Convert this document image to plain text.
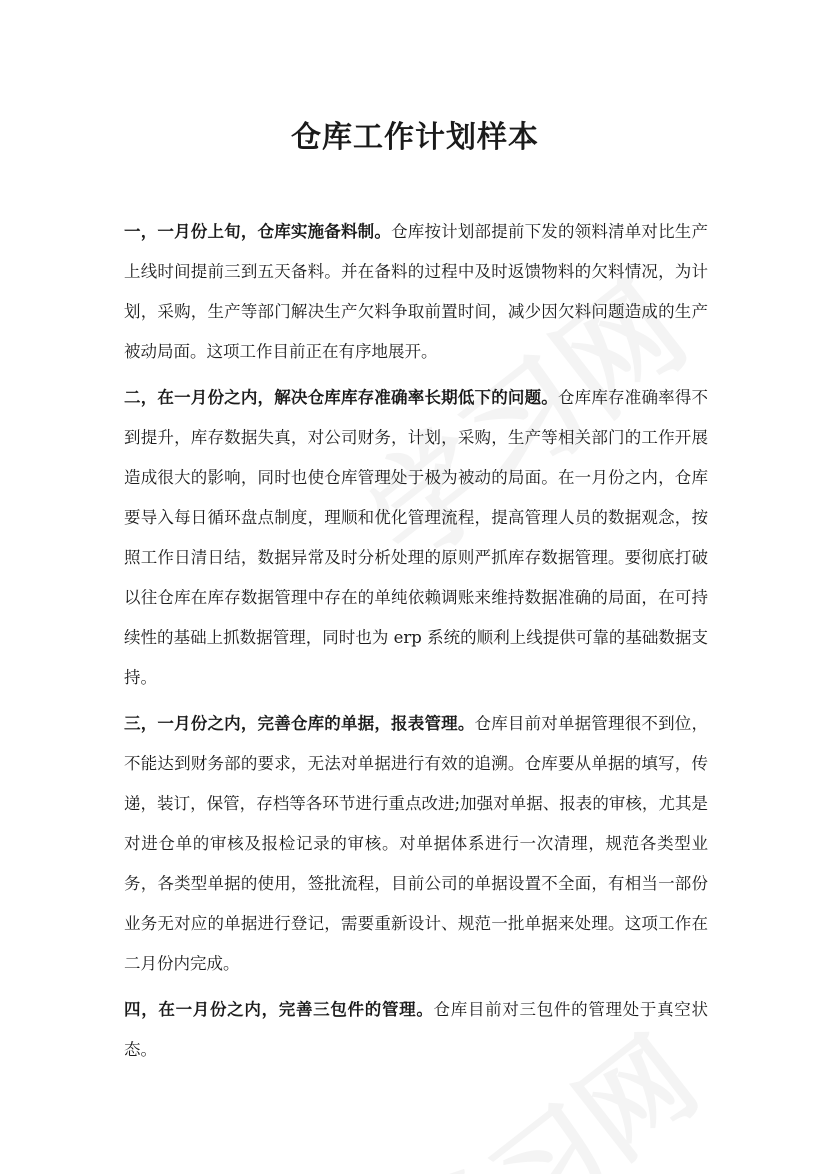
仓库工作计划样本

一，一月份上旬，仓库实施备料制。仓库按计划部提前下发的领料清单对比生产上线时间提前三到五天备料。并在备料的过程中及时返馈物料的欠料情况，为计划，采购，生产等部门解决生产欠料争取前置时间，减少因欠料问题造成的生产被动局面。这项工作目前正在有序地展开。

二，在一月份之内，解决仓库库存准确率长期低下的问题。仓库库存准确率得不到提升，库存数据失真，对公司财务，计划，采购，生产等相关部门的工作开展造成很大的影响，同时也使仓库管理处于极为被动的局面。在一月份之内，仓库要导入每日循环盘点制度，理顺和优化管理流程，提高管理人员的数据观念，按照工作日清日结，数据异常及时分析处理的原则严抓库存数据管理。要彻底打破以往仓库在库存数据管理中存在的单纯依赖调账来维持数据准确的局面，在可持续性的基础上抓数据管理，同时也为 erp 系统的顺利上线提供可靠的基础数据支持。

三，一月份之内，完善仓库的单据，报表管理。仓库目前对单据管理很不到位，不能达到财务部的要求，无法对单据进行有效的追溯。仓库要从单据的填写，传递，装订，保管，存档等各环节进行重点改进;加强对单据、报表的审核，尤其是对进仓单的审核及报检记录的审核。对单据体系进行一次清理，规范各类型业务，各类型单据的使用，签批流程，目前公司的单据设置不全面，有相当一部份业务无对应的单据进行登记，需要重新设计、规范一批单据来处理。这项工作在二月份内完成。

四，在一月份之内，完善三包件的管理。仓库目前对三包件的管理处于真空状态。
